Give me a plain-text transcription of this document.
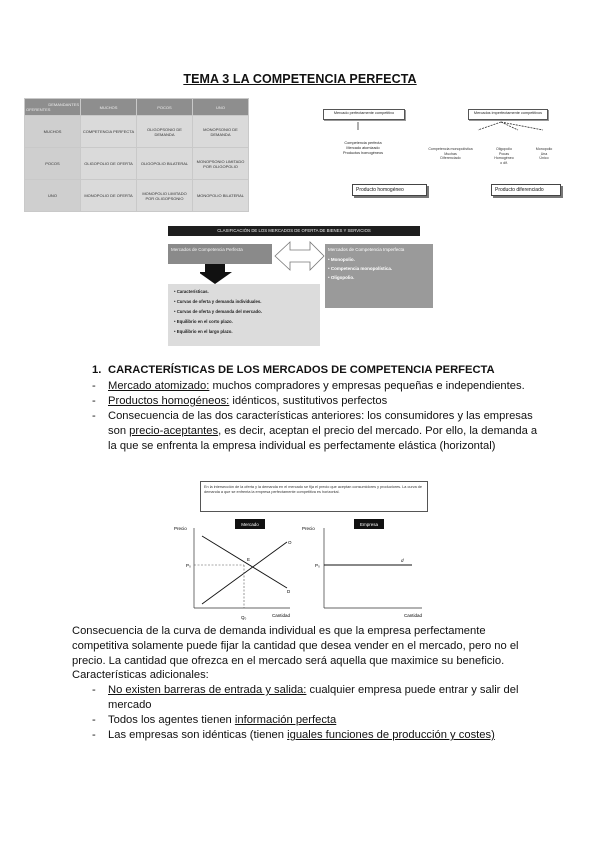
TEMA 3 LA COMPETENCIA PERFECTA
DEMANDANTES
OFERENTES	MUCHOS	POCOS	UNO
MUCHOS	COMPETENCIA PERFECTA	OLIGOPSONIO DE DEMANDA	MONOPSONIO DE DEMANDA
POCOS	OLIGOPOLIO DE OFERTA	OLIGOPOLIO BILATERAL	MONOPSONIO LIMITADO POR OLIGOPOLIO
UNO	MONOPOLIO DE OFERTA	MONOPOLIO LIMITADO POR OLIGOPSONIO	MONOPOLIO BILATERAL
Mercado perfectamente competitivo
Competencia perfecta
Mercado atomizado
Productos homogéneos
Mercados imperfectamente competitivos
Competencia monopolística
Muchas
Diferenciado
Oligopolio
Pocas
Homogéneo
o dif.
Monopolio
Una
Único
Producto homogéneo	Producto diferenciado
CLASIFICACIÓN DE LOS MERCADOS DE OFERTA DE BIENES Y SERVICIOS
Mercados de Competencia Perfecta	Mercados de Competencia Imperfecta
• Monopolio.
• Competencia monopolística.
• Oligopolio.
• Características.
• Curvas de oferta y demanda individuales.
• Curvas de oferta y demanda del mercado.
• Equilibrio en el corto plazo.
• Equilibrio en el largo plazo.
1. CARACTERÍSTICAS DE LOS MERCADOS DE COMPETENCIA PERFECTA
- Mercado atomizado: muchos compradores y empresas pequeñas e independientes.
- Productos homogéneos: idénticos, sustitutivos perfectos
- Consecuencia de las dos características anteriores: los consumidores y las empresas son precio-aceptantes, es decir, aceptan el precio del mercado. Por ello, la demanda a la que se enfrenta la empresa individual es perfectamente elástica (horizontal)
En la intersección de la oferta y la demanda en el mercado se fija el precio que aceptan consumidores y productores. La curva de demanda a que se enfrenta la empresa perfectamente competitiva es horizontal.
Mercado
Precio
P₀
E
O
D
Q₀	Cantidad
Empresa
Precio
P₀
d
Cantidad
Consecuencia de la curva de demanda individual es que la empresa perfectamente competitiva solamente puede fijar la cantidad que desea vender en el mercado, pero no el precio. La cantidad que ofrezca en el mercado será aquella que maximice su beneficio.
Características adicionales:
- No existen barreras de entrada y salida: cualquier empresa puede entrar y salir del mercado
- Todos los agentes tienen información perfecta
- Las empresas son idénticas (tienen iguales funciones de producción y costes)
